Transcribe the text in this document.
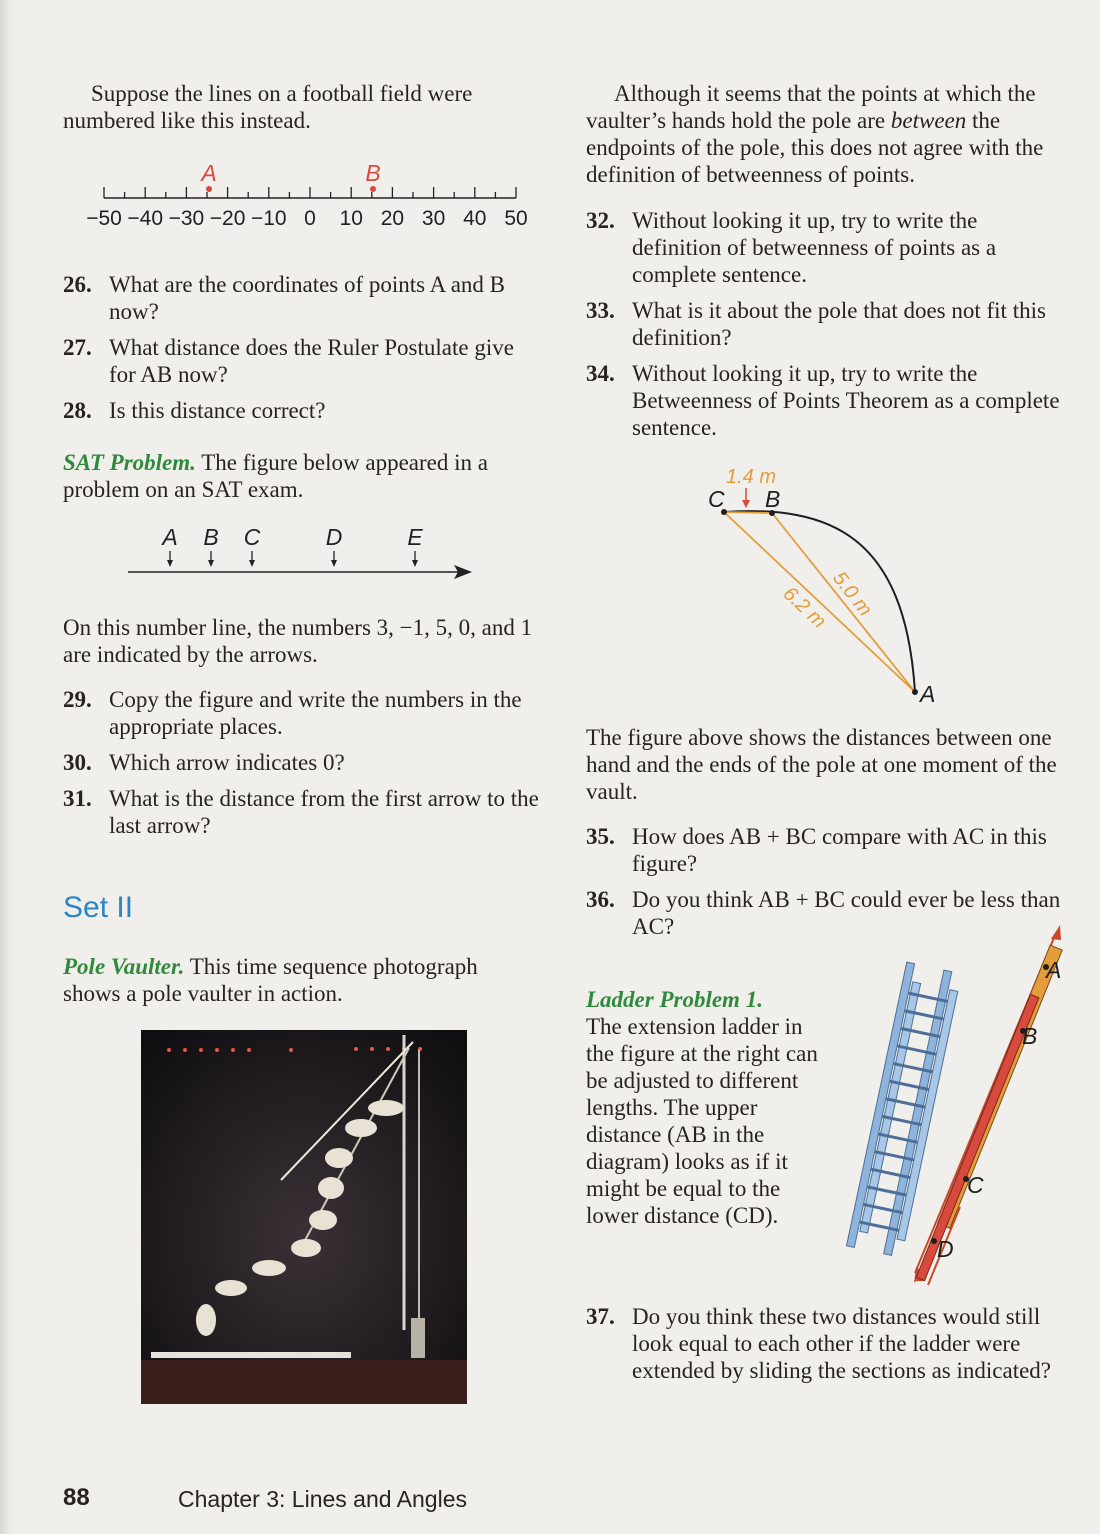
Suppose the lines on a football field were numbered like this instead.

−50 −40 −30 −20 −10 0 10 20 30 40 50
A	B
26. What are the coordinates of points A and B now?
27. What distance does the Ruler Postulate give for AB now?
28. Is this distance correct?

SAT Problem. The figure below appeared in a problem on an SAT exam.

A B C	D	E

On this number line, the numbers 3, −1, 5, 0, and 1 are indicated by the arrows.

29. Copy the figure and write the numbers in the appropriate places.
30. Which arrow indicates 0?
31. What is the distance from the first arrow to the last arrow?
Set II

Pole Vaulter. This time sequence photograph shows a pole vaulter in action.

Although it seems that the points at which the vaulter’s hands hold the pole are between the endpoints of the pole, this does not agree with the definition of betweenness of points.

32. Without looking it up, try to write the definition of betweenness of points as a complete sentence.
33. What is it about the pole that does not fit this definition?
34. Without looking it up, try to write the Betweenness of Points Theorem as a complete sentence.
1.4 m
C B
A
6.2 m
5.0 m

The figure above shows the distances between one hand and the ends of the pole at one moment of the vault.

35. How does AB + BC compare with AC in this figure?
36. Do you think AB + BC could ever be less than AC?

Ladder Problem 1.

The extension ladder in the figure at the right can be adjusted to different lengths. The upper distance (AB in the diagram) looks as if it might be equal to the lower distance (CD).

A
B
C
D
37. Do you think these two distances would still look equal to each other if the ladder were extended by sliding the sections as indicated?
88	Chapter 3: Lines and Angles
